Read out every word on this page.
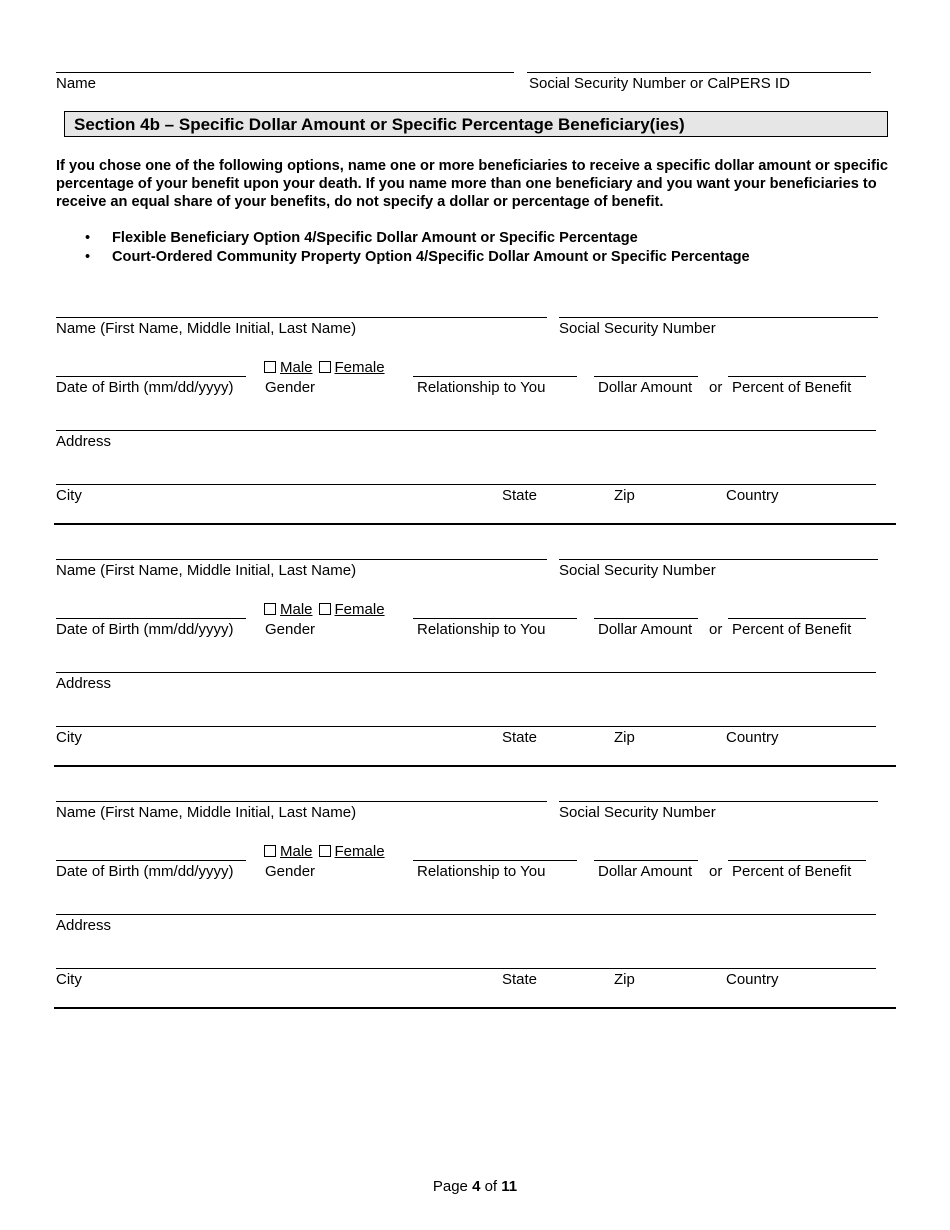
Name	Social Security Number or CalPERS ID
Section 4b – Specific Dollar Amount or Specific Percentage Beneficiary(ies)
If you chose one of the following options, name one or more beneficiaries to receive a specific dollar amount or specific percentage of your benefit upon your death. If you name more than one beneficiary and you want your beneficiaries to receive an equal share of your benefits, do not specify a dollar or percentage of benefit.
• Flexible Beneficiary Option 4/Specific Dollar Amount or Specific Percentage
• Court-Ordered Community Property Option 4/Specific Dollar Amount or Specific Percentage
Name (First Name, Middle Initial, Last Name)	Social Security Number
Male Female
Date of Birth (mm/dd/yyyy) Gender	Relationship to You	Dollar Amount or Percent of Benefit
Address
City	State	Zip	Country
Name (First Name, Middle Initial, Last Name)	Social Security Number
Male Female
Date of Birth (mm/dd/yyyy) Gender	Relationship to You	Dollar Amount or Percent of Benefit
Address
City	State	Zip	Country
Name (First Name, Middle Initial, Last Name)	Social Security Number
Male Female
Date of Birth (mm/dd/yyyy) Gender	Relationship to You	Dollar Amount or Percent of Benefit
Address
City	State	Zip	Country
Page 4 of 11
